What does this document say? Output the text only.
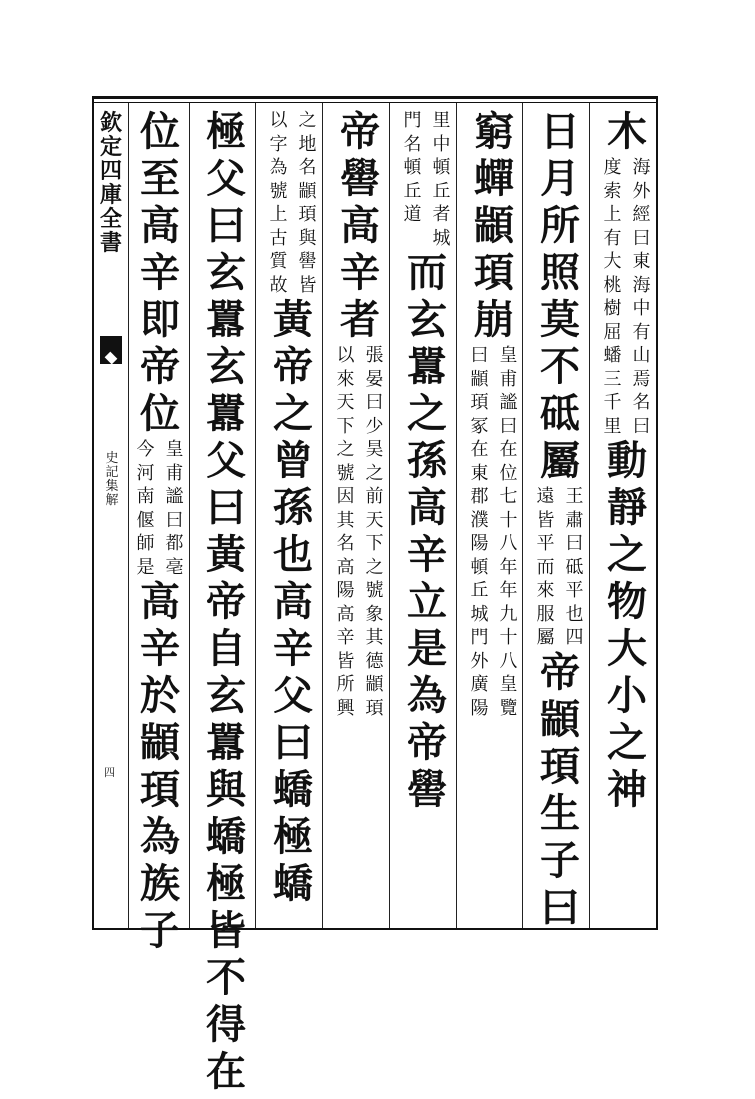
欽
定
四
庫
全
書
史
記
集
解
四
木
海
外
經
曰
東
海
中
有
山
焉
名
曰
度
索
上
有
大
桃
樹
屈
蟠
三
千
里
動
靜
之
物
大
小
之
神
日
月
所
照
莫
不
砥
屬
王
肅
曰
砥
平
也
四
遠
皆
平
而
來
服
屬
帝
顓
頊
生
子
曰
窮
蟬
顓
頊
崩
皇
甫
謐
曰
在
位
七
十
八
年
年
九
十
八
皇
覽
曰
顓
頊
冢
在
東
郡
濮
陽
頓
丘
城
門
外
廣
陽
里
中
頓
丘
者
城
門
名
頓
丘
道
而
玄
囂
之
孫
高
辛
立
是
為
帝
嚳
帝
嚳
高
辛
者
張
晏
曰
少
昊
之
前
天
下
之
號
象
其
德
顓
頊
以
來
天
下
之
號
因
其
名
高
陽
高
辛
皆
所
興
之
地
名
顓
頊
與
嚳
皆
以
字
為
號
上
古
質
故
黃
帝
之
曾
孫
也
高
辛
父
曰
蟜
極
蟜
極
父
曰
玄
囂
玄
囂
父
曰
黃
帝
自
玄
囂
與
蟜
極
皆
不
得
在
位
至
高
辛
即
帝
位
皇
甫
謐
曰
都
亳
今
河
南
偃
師
是
高
辛
於
顓
頊
為
族
子
